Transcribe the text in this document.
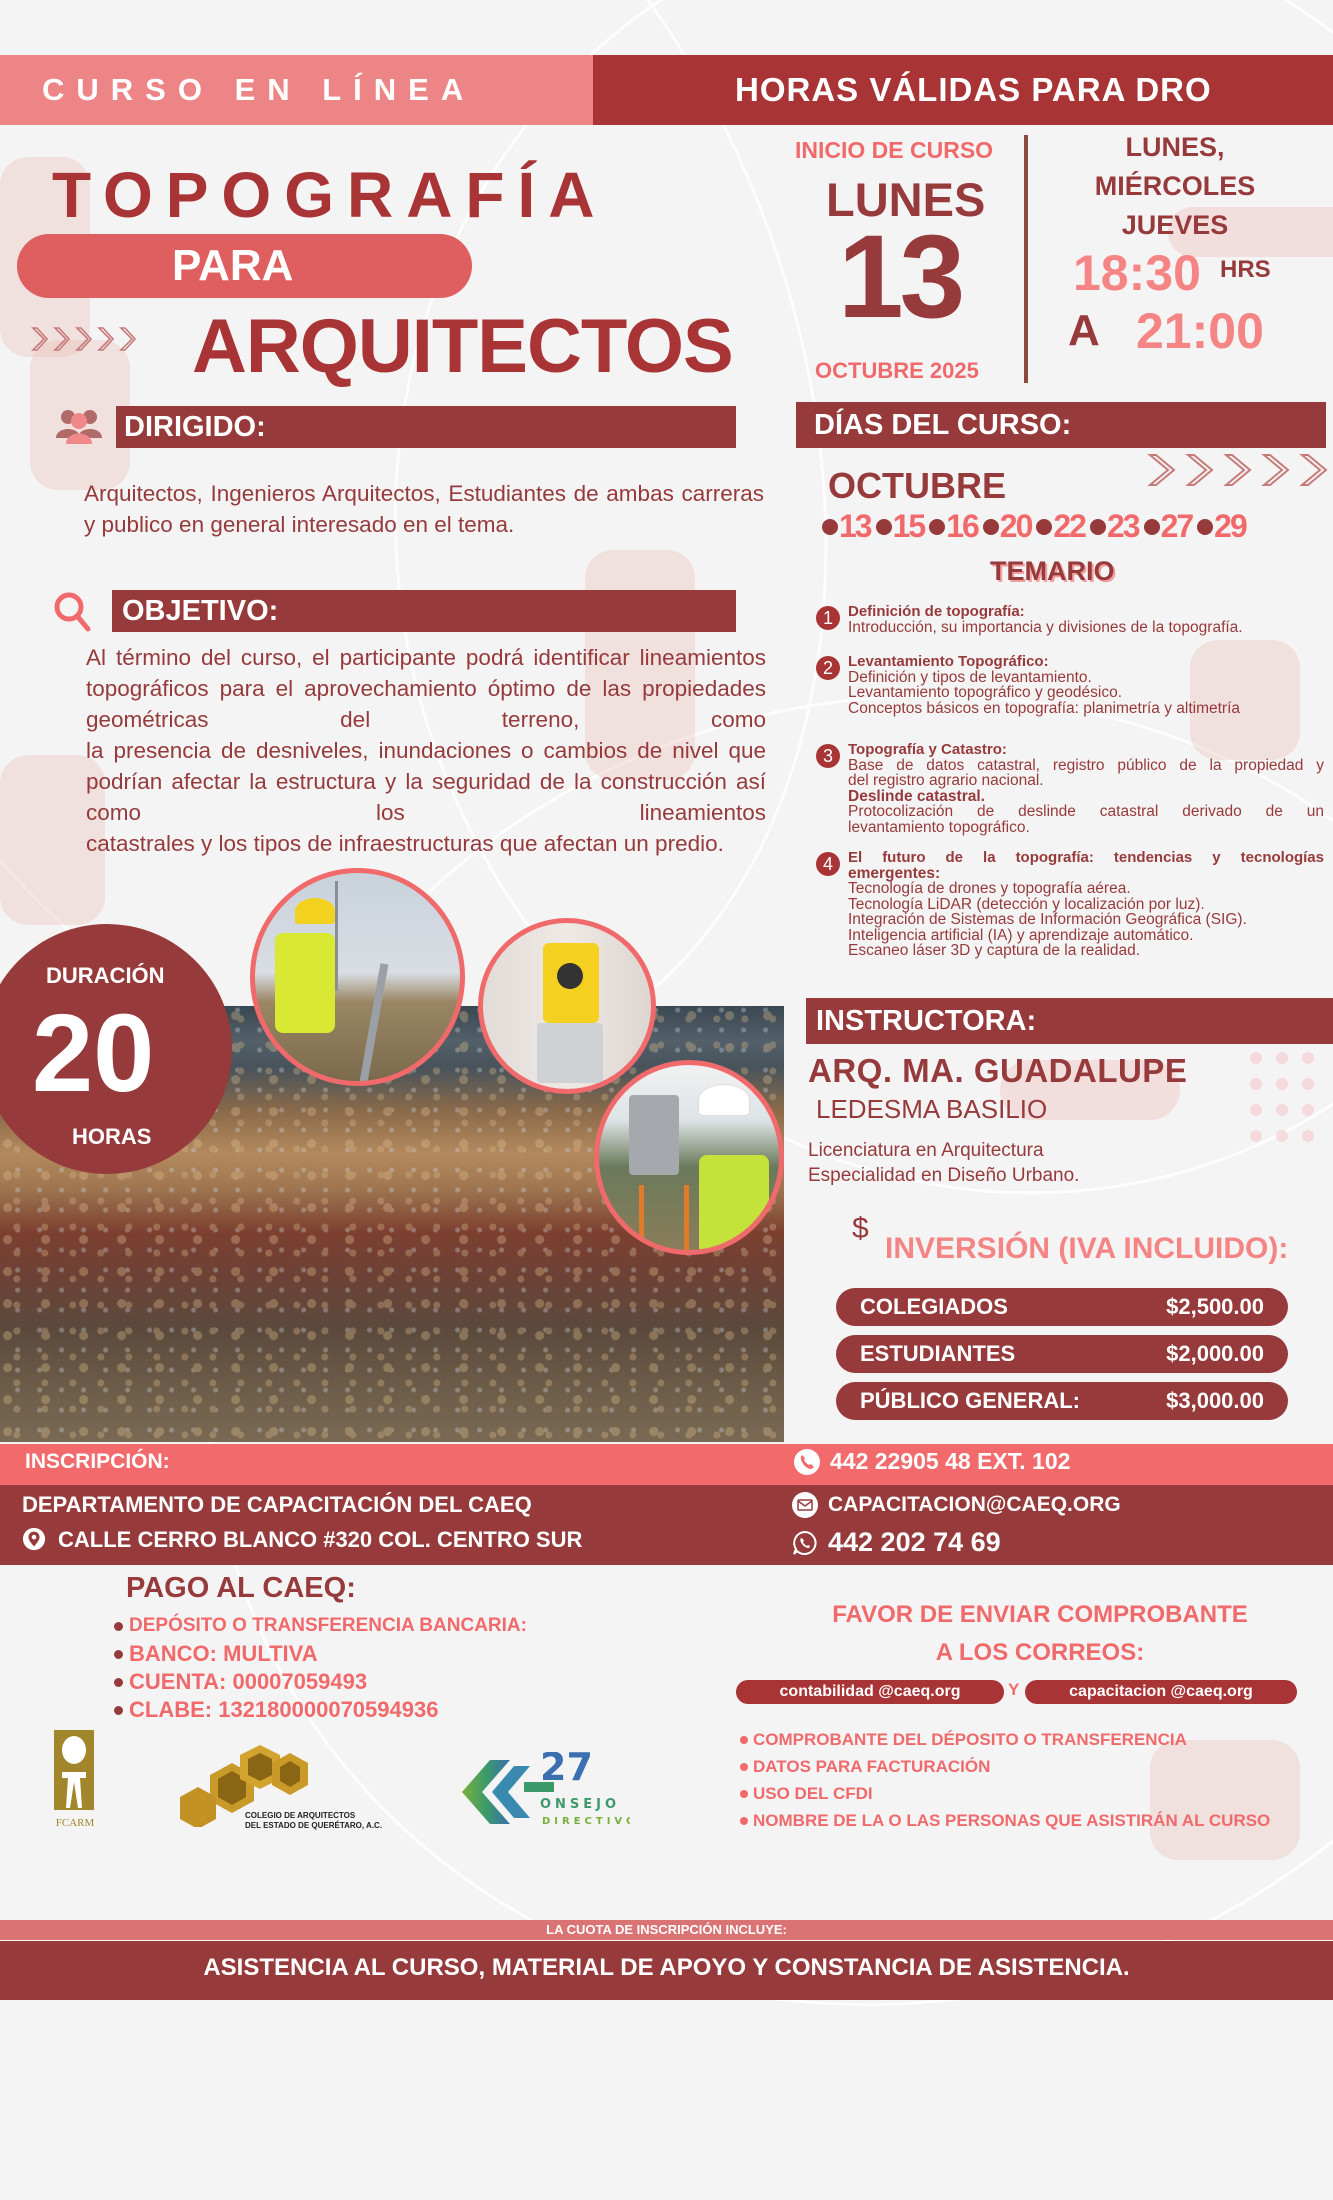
CURSO EN LÍNEA	HORAS VÁLIDAS PARA DRO
TOPOGRAFÍA
PARA
ARQUITECTOS
INICIO DE CURSO
LUNES
13
OCTUBRE 2025
LUNES,
MIÉRCOLES
JUEVES
18:30 HRS
A 21:00
DIRIGIDO:
Arquitectos, Ingenieros Arquitectos, Estudiantes de ambas carreras y publico en general interesado en el tema.
OBJETIVO:

Al término del curso, el participante podrá identificar lineamientos topográficos para el aprovechamiento óptimo de las propiedades geométricas del terreno, como

la presencia de desniveles, inundaciones o cambios de nivel que podrían afectar la estructura y la seguridad de la construcción así como los lineamientos

catastrales y los tipos de infraestructuras que afectan un predio.

DÍAS DEL CURSO:
OCTUBRE
13 15 16 20 22 23 27 29
TEMARIO
1	Definición de topografía:
Introducción, su importancia y divisiones de la topografía.
2	Levantamiento Topográfico:
Definición y tipos de levantamiento.
Levantamiento topográfico y geodésico.
Conceptos básicos en topografía: planimetría y altimetría
3	Topografía y Catastro:
Base de datos catastral, registro público de la propiedad y
del registro agrario nacional.
Deslinde catastral.
Protocolización de deslinde catastral derivado de un
levantamiento topográfico.
4	El futuro de la topografía: tendencias y tecnologías
emergentes:
Tecnología de drones y topografía aérea.
Tecnología LiDAR (detección y localización por luz).
Integración de Sistemas de Información Geográfica (SIG).
Inteligencia artificial (IA) y aprendizaje automático.
Escaneo láser 3D y captura de la realidad.
DURACIÓN
20
HORAS
INSTRUCTORA:
ARQ. MA. GUADALUPE
LEDESMA BASILIO
Licenciatura en Arquitectura
Especialidad en Diseño Urbano.
$
INVERSIÓN (IVA INCLUIDO):
COLEGIADOS	$2,500.00
ESTUDIANTES	$2,000.00
PÚBLICO GENERAL:	$3,000.00
INSCRIPCIÓN:	442 22905 48 EXT. 102
DEPARTAMENTO DE CAPACITACIÓN DEL CAEQ
CALLE CERRO BLANCO #320 COL. CENTRO SUR
CAPACITACION@CAEQ.ORG
442 202 74 69
PAGO AL CAEQ:
DEPÓSITO O TRANSFERENCIA BANCARIA:
BANCO: MULTIVA
CUENTA: 00007059493
CLABE: 132180000070594936
FAVOR DE ENVIAR COMPROBANTE
A LOS CORREOS:
contabilidad @caeq.org	Y	capacitacion @caeq.org
COMPROBANTE DEL DÉPOSITO O TRANSFERENCIA
DATOS PARA FACTURACIÓN
USO DEL CFDI
NOMBRE DE LA O LAS PERSONAS QUE ASISTIRÁN AL CURSO
FCARM
COLEGIO DE ARQUITECTOS
DEL ESTADO DE QUERÉTARO, A.C.
27
ONSEJO
DIRECTIVO
LA CUOTA DE INSCRIPCIÓN INCLUYE:
ASISTENCIA AL CURSO, MATERIAL DE APOYO Y CONSTANCIA DE ASISTENCIA.
